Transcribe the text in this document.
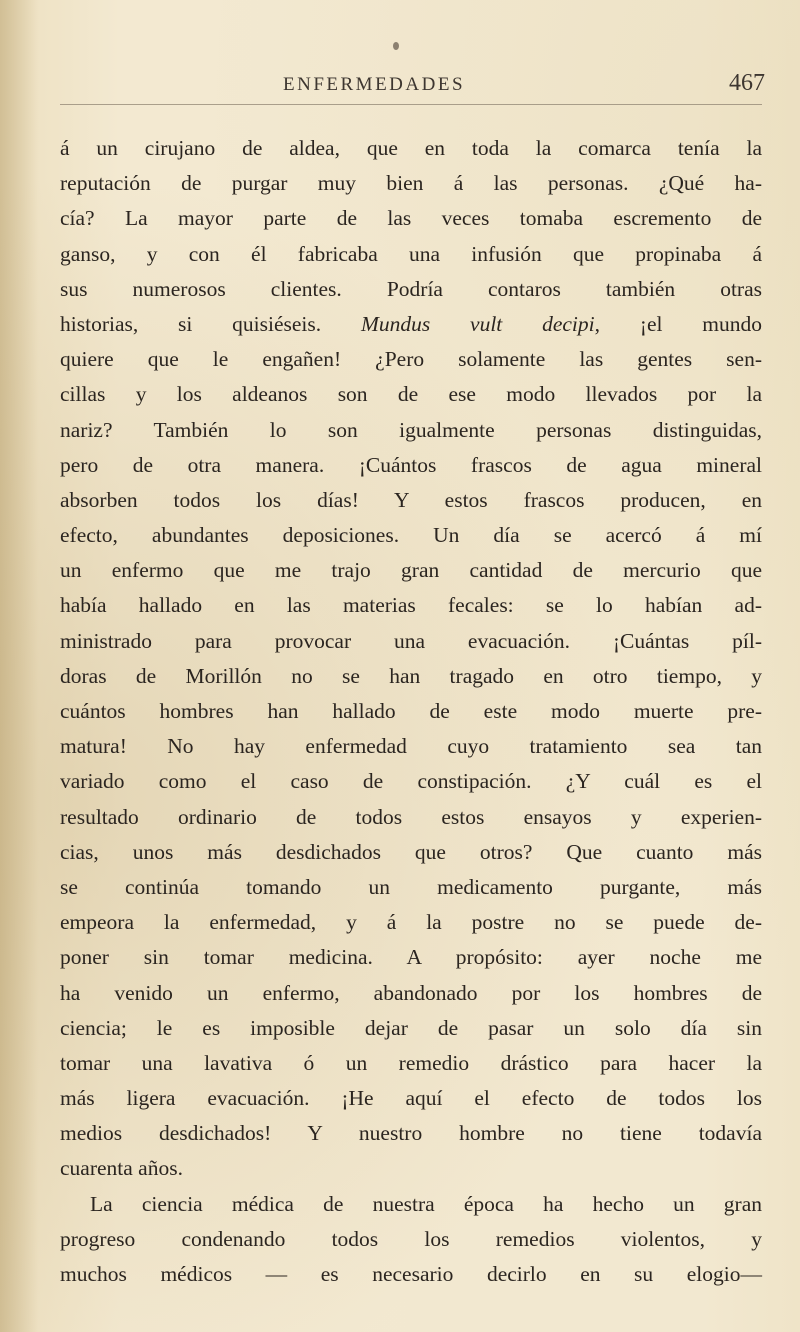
ENFERMEDADES	467
á un cirujano de aldea, que en toda la comarca tenía la
reputación de purgar muy bien á las personas. ¿Qué ha-
cía? La mayor parte de las veces tomaba escremento de
ganso, y con él fabricaba una infusión que propinaba á
sus numerosos clientes. Podría contaros también otras
historias, si quisiéseis. Mundus vult decipi, ¡el mundo
quiere que le engañen! ¿Pero solamente las gentes sen-
cillas y los aldeanos son de ese modo llevados por la
nariz? También lo son igualmente personas distinguidas,
pero de otra manera. ¡Cuántos frascos de agua mineral
absorben todos los días! Y estos frascos producen, en
efecto, abundantes deposiciones. Un día se acercó á mí
un enfermo que me trajo gran cantidad de mercurio que
había hallado en las materias fecales: se lo habían ad-
ministrado para provocar una evacuación. ¡Cuántas píl-
doras de Morillón no se han tragado en otro tiempo, y
cuántos hombres han hallado de este modo muerte pre-
matura! No hay enfermedad cuyo tratamiento sea tan
variado como el caso de constipación. ¿Y cuál es el
resultado ordinario de todos estos ensayos y experien-
cias, unos más desdichados que otros? Que cuanto más
se continúa tomando un medicamento purgante, más
empeora la enfermedad, y á la postre no se puede de-
poner sin tomar medicina. A propósito: ayer noche me
ha venido un enfermo, abandonado por los hombres de
ciencia; le es imposible dejar de pasar un solo día sin
tomar una lavativa ó un remedio drástico para hacer la
más ligera evacuación. ¡He aquí el efecto de todos los
medios desdichados! Y nuestro hombre no tiene todavía
cuarenta años.
La ciencia médica de nuestra época ha hecho un gran
progreso condenando todos los remedios violentos, y
muchos médicos — es necesario decirlo en su elogio—
